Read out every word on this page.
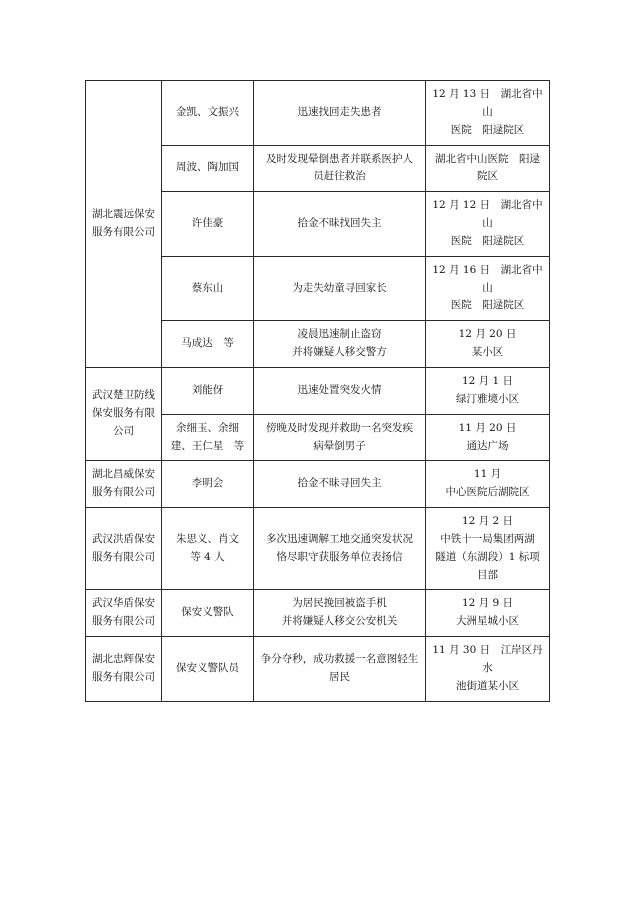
湖北震远保安
服务有限公司	金凯、文振兴	迅速找回走失患者	12 月 13 日　湖北省中山
医院　阳逯院区

	周波、陶加国	及时发现晕倒患者并联系医护人
员赶往救治	湖北省中山医院　阳逯
院区

	许佳豪	拾金不昧找回失主	12 月 12 日　湖北省中山
医院　阳逯院区

	蔡东山	为走失幼童寻回家长	12 月 16 日　湖北省中山
医院　阳逯院区

	马成达　等	凌晨迅速制止盗窃
并将嫌疑人移交警方	12 月 20 日
某小区

武汉楚卫防线
保安服务有限
公司	刘能伢	迅速处置突发火情	12 月 1 日
绿汀雅境小区

	余细玉、余细
建、王仁星　等	傍晚及时发现并救助一名突发疾
病晕倒男子	11 月 20 日
通达广场

湖北昌威保安
服务有限公司	李明会	拾金不昧寻回失主	11 月
中心医院后湖院区

武汉洪盾保安
服务有限公司	朱思义、肖文
等 4 人	多次迅速调解工地交通突发状况
恪尽职守获服务单位表扬信	12 月 2 日
中铁十一局集团两湖
隧道（东湖段）1 标项
目部

武汉华盾保安
服务有限公司	保安义警队	为居民挽回被盗手机
并将嫌疑人移交公安机关	12 月 9 日
大洲星城小区

湖北忠辉保安
服务有限公司	保安义警队员	争分夺秒，成功救援一名意图轻生
居民	11 月 30 日　江岸区丹水
池街道某小区
